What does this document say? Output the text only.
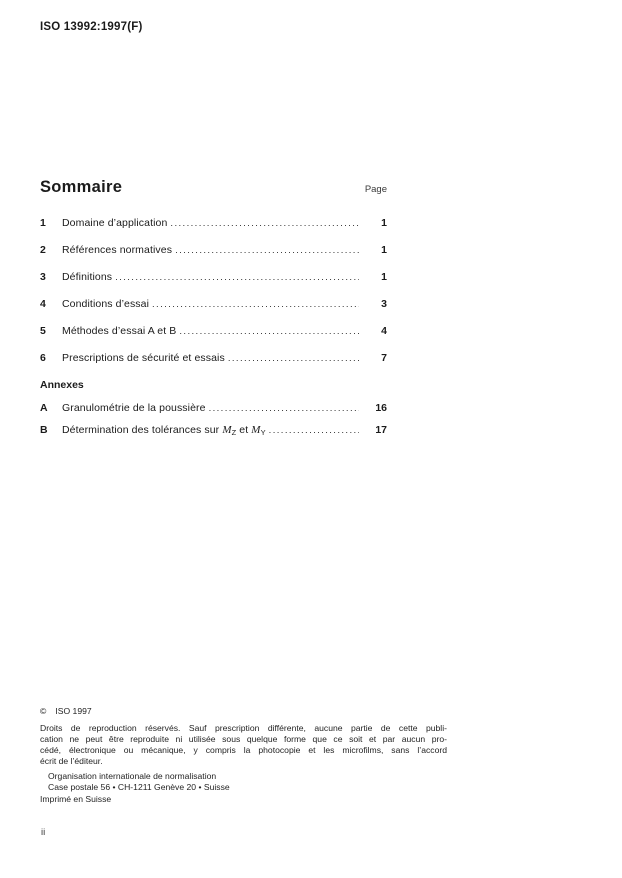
ISO 13992:1997(F)
Sommaire	Page
1	Domaine d’application .....	1
2	Références normatives .....	1
3	Définitions .....	1
4	Conditions d’essai .....	3
5	Méthodes d’essai A et B .....	4
6	Prescriptions de sécurité et essais .....	7
Annexes
A	Granulométrie de la poussière .....	16
B	Détermination des tolérances sur MZ et MY .....	17
© ISO 1997
Droits de reproduction réservés. Sauf prescription différente, aucune partie de cette publi-
cation ne peut être reproduite ni utilisée sous quelque forme que ce soit et par aucun pro-
cédé, électronique ou mécanique, y compris la photocopie et les microfilms, sans l’accord
écrit de l’éditeur.
Organisation internationale de normalisation
Case postale 56 • CH-1211 Genève 20 • Suisse
Imprimé en Suisse
ii
